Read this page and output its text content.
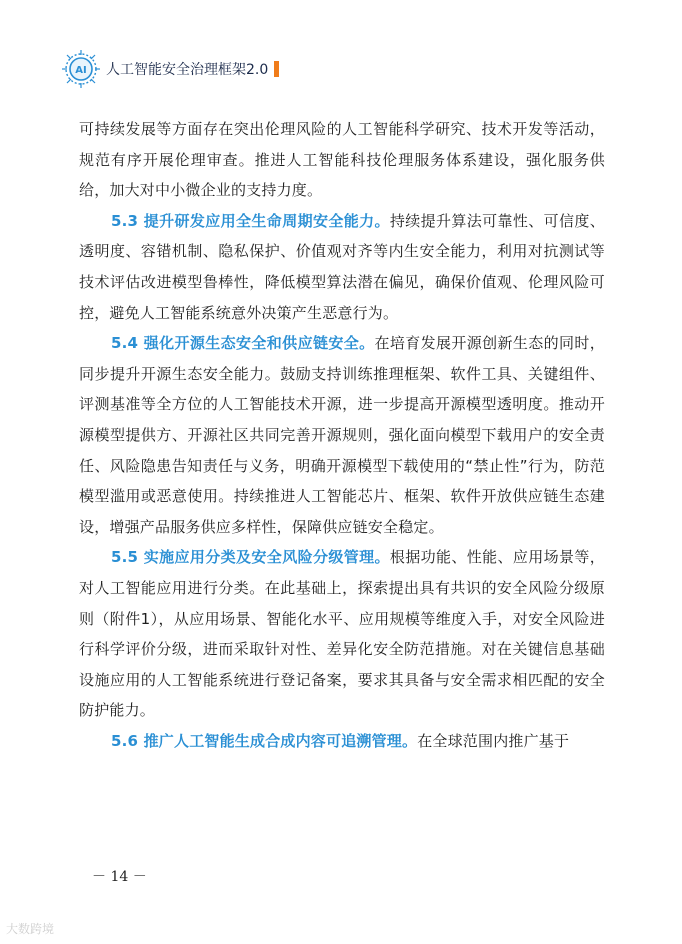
AI 人工智能安全治理框架2.0

可持续发展等方面存在突出伦理风险的人工智能科学研究、技术开发等活动，规范有序开展伦理审查。推进人工智能科技伦理服务体系建设，强化服务供给，加大对中小微企业的支持力度。

5.3 提升研发应用全生命周期安全能力。持续提升算法可靠性、可信度、透明度、容错机制、隐私保护、价值观对齐等内生安全能力，利用对抗测试等技术评估改进模型鲁棒性，降低模型算法潜在偏见，确保价值观、伦理风险可控，避免人工智能系统意外决策产生恶意行为。

5.4 强化开源生态安全和供应链安全。在培育发展开源创新生态的同时，同步提升开源生态安全能力。鼓励支持训练推理框架、软件工具、关键组件、评测基准等全方位的人工智能技术开源，进一步提高开源模型透明度。推动开源模型提供方、开源社区共同完善开源规则，强化面向模型下载用户的安全责任、风险隐患告知责任与义务，明确开源模型下载使用的“禁止性”行为，防范模型滥用或恶意使用。持续推进人工智能芯片、框架、软件开放供应链生态建设，增强产品服务供应多样性，保障供应链安全稳定。

5.5 实施应用分类及安全风险分级管理。根据功能、性能、应用场景等，对人工智能应用进行分类。在此基础上，探索提出具有共识的安全风险分级原则（附件1），从应用场景、智能化水平、应用规模等维度入手，对安全风险进行科学评价分级，进而采取针对性、差异化安全防范措施。对在关键信息基础设施应用的人工智能系统进行登记备案，要求其具备与安全需求相匹配的安全防护能力。

5.6 推广人工智能生成合成内容可追溯管理。在全球范围内推广基于

－ 14 －
大数跨境
